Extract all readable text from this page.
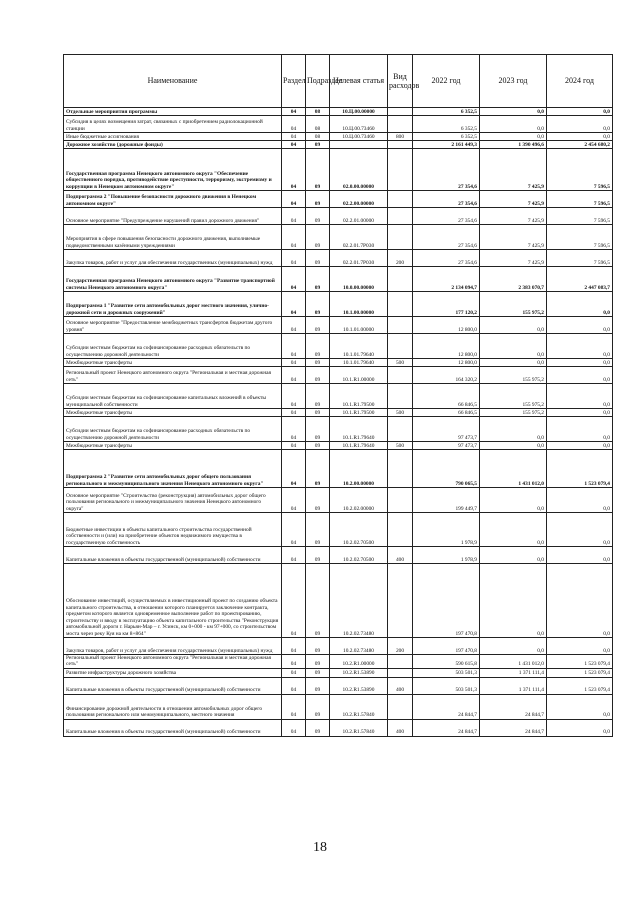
Наименование	Раздел	Подраздел	Целевая статья	Вид расходов	2022 год	2023 год	2024 год
Отдельные мероприятия программы	04	08	10.Ц.00.00000		6 352,5	0,0	0,0
Субсидия в целях возмещения затрат, связанных с приобретением радиолокационной станции	04	08	10.Ц.00.73460		6 352,5	0,0	0,0
Иные бюджетные ассигнования	04	08	10.Ц.00.73460	800	6 352,5	0,0	0,0
Дорожное хозяйство (дорожные фонды)	04	09			2 161 449,3	1 390 496,6	2 454 680,2
Государственная программа Ненецкого автономного округа "Обеспечение общественного порядка, противодействие преступности, терроризму, экстремизму и коррупции в Ненецком автономном округе"	04	09	02.0.00.00000		27 354,6	7 425,9	7 596,5
Подпрограмма 2 "Повышение безопасности дорожного движения в Ненецком автономном округе"	04	09	02.2.00.00000		27 354,6	7 425,9	7 596,5
Основное мероприятие "Предупреждение нарушений правил дорожного движения"	04	09	02.2.01.00000		27 354,6	7 425,9	7 596,5
Мероприятия в сфере повышения безопасности дорожного движения, выполняемые подведомственными казёнными учреждениями	04	09	02.2.01.7Р030		27 354,6	7 425,9	7 596,5
Закупка товаров, работ и услуг для обеспечения государственных (муниципальных) нужд	04	09	02.2.01.7Р030	200	27 354,6	7 425,9	7 596,5
Государственная программа Ненецкого автономного округа "Развитие транспортной системы Ненецкого автономного округа"	04	09	10.0.00.00000		2 134 094,7	2 383 070,7	2 447 083,7
Подпрограмма 1 "Развитие сети автомобильных дорог местного значения, улично-дорожной сети и дорожных сооружений"	04	09	10.1.00.00000		177 120,2	155 975,2	0,0
Основное мероприятие "Предоставление межбюджетных трансфертов бюджетам другого уровня"	04	09	10.1.01.00000		12 800,0	0,0	0,0
Субсидии местным бюджетам на софинансирование расходных обязательств по осуществлению дорожной деятельности	04	09	10.1.01.79640		12 800,0	0,0	0,0
Межбюджетные трансферты	04	09	10.1.01.79640	500	12 800,0	0,0	0,0
Региональный проект Ненецкого автономного округа "Региональная и местная дорожная сеть"	04	09	10.1.R1.00000		164 320,2	155 975,2	0,0
Субсидии местным бюджетам на софинансирование капитальных вложений в объекты муниципальной собственности	04	09	10.1.R1.79500		66 846,5	155 975,2	0,0
Межбюджетные трансферты	04	09	10.1.R1.79500	500	66 846,5	155 975,2	0,0
Субсидии местным бюджетам на софинансирование расходных обязательств по осуществлению дорожной деятельности	04	09	10.1.R1.79640		97 473,7	0,0	0,0
Межбюджетные трансферты	04	09	10.1.R1.79640	500	97 473,7	0,0	0,0
Подпрограмма 2 "Развитие сети автомобильных дорог общего пользования регионального и межмуниципального значения Ненецкого автономного округа"	04	09	10.2.00.00000		790 065,5	1 431 012,0	1 523 079,4
Основное мероприятие "Строительство (реконструкция) автомобильных дорог общего пользования регионального и межмуниципального значения Ненецкого автономного округа"	04	09	10.2.02.00000		199 449,7	0,0	0,0
Бюджетные инвестиции в объекты капитального строительства государственной собственности и (или) на приобретение объектов недвижимого имущества в государственную собственность	04	09	10.2.02.70500		1 978,9	0,0	0,0
Капитальные вложения в объекты государственной (муниципальной) собственности	04	09	10.2.02.70500	400	1 978,9	0,0	0,0
Обоснование инвестиций, осуществляемых в инвестиционный проект по созданию объекта капитального строительства, в отношении которого планируется заключение контракта, предметом которого является одновременное выполнение работ по проектированию, строительству и вводу в эксплуатацию объекта капитального строительства "Реконструкция автомобильной дороги г. Нарьян-Мар – г. Усинск, км 0+000 - км 97+000, со строительством моста через реку Куя на км 8+864"	04	09	10.2.02.73480		197 470,8	0,0	0,0
Закупка товаров, работ и услуг для обеспечения государственных (муниципальных) нужд	04	09	10.2.02.73480	200	197 470,8	0,0	0,0
Региональный проект Ненецкого автономного округа "Региональная и местная дорожная сеть"	04	09	10.2.R1.00000		590 615,8	1 431 012,0	1 523 079,4
Развитие инфраструктуры дорожного хозяйства	04	09	10.2.R1.53890		503 501,3	1 371 111,4	1 523 079,4
Капитальные вложения в объекты государственной (муниципальной) собственности	04	09	10.2.R1.53890	400	503 501,3	1 371 111,4	1 523 079,4
Финансирование дорожной деятельности в отношении автомобильных дорог общего пользования регионального или межмуниципального, местного значения	04	09	10.2.R1.57840		24 844,7	24 844,7	0,0
Капитальные вложения в объекты государственной (муниципальной) собственности	04	09	10.2.R1.57840	400	24 844,7	24 844,7	0,0
18
